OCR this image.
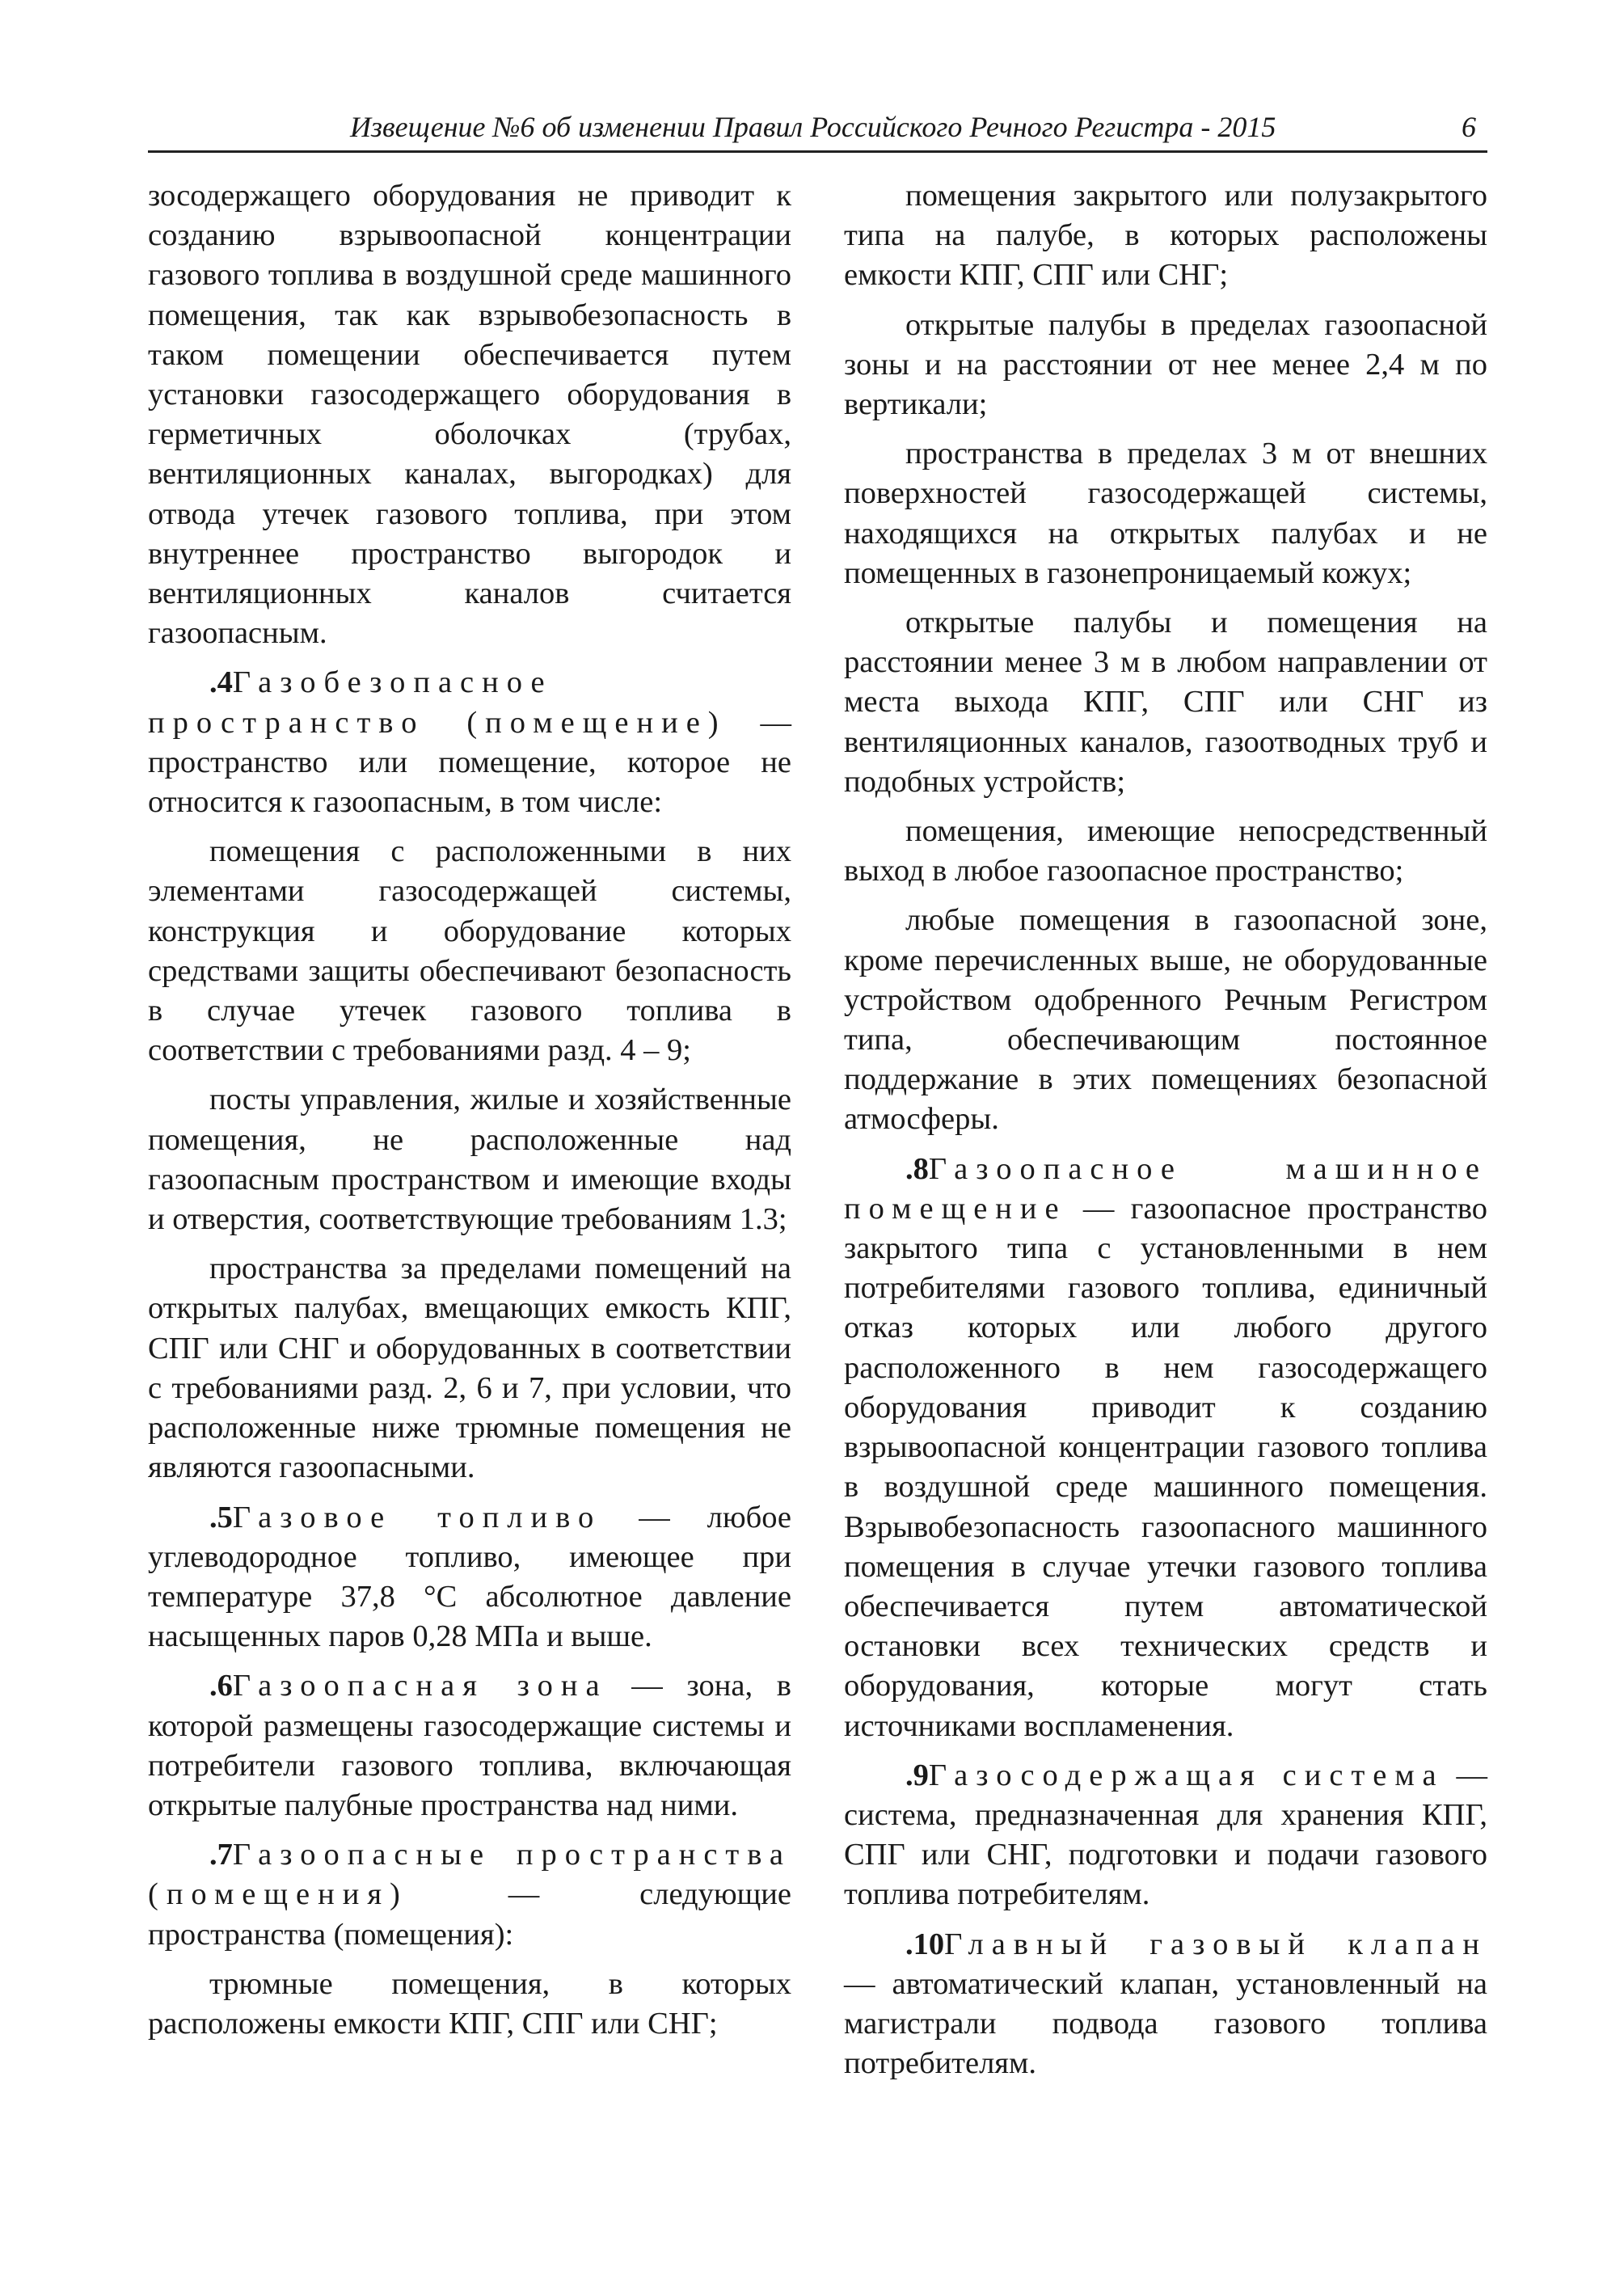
Извещение №6 об изменении Правил Российского Речного Регистра - 2015	6

зосодержащего оборудования не приводит к созданию взрывоопасной концентрации газового топлива в воздушной среде машинного помещения, так как взрывобезопасность в таком помещении обеспечивается путем установки газосодержащего оборудования в герметичных оболочках (трубах, вентиляционных каналах, выгородках) для отвода утечек газового топлива, при этом внутреннее пространство выгородок и вентиляционных каналов считается газоопасным.

.4Газобезопасное пространство (помещение) — пространство или помещение, которое не относится к газоопасным, в том числе:

помещения с расположенными в них элементами газосодержащей системы, конструкция и оборудование которых средствами защиты обеспечивают безопасность в случае утечек газового топлива в соответствии с требованиями разд. 4 – 9;

посты управления, жилые и хозяйственные помещения, не расположенные над газоопасным пространством и имеющие входы и отверстия, соответствующие требованиям 1.3;

пространства за пределами помещений на открытых палубах, вмещающих емкость КПГ, СПГ или СНГ и оборудованных в соответствии с требованиями разд. 2, 6 и 7, при условии, что расположенные ниже трюмные помещения не являются газоопасными.

.5Газовое топливо — любое углеводородное топливо, имеющее при температуре 37,8 °С абсолютное давление насыщенных паров 0,28 МПа и выше.

.6Газоопасная зона — зона, в которой размещены газосодержащие системы и потребители газового топлива, включающая открытые палубные пространства над ними.

.7Газоопасные пространства (помещения) — следующие пространства (помещения):

трюмные помещения, в которых расположены емкости КПГ, СПГ или СНГ;

помещения закрытого или полузакрытого типа на палубе, в которых расположены емкости КПГ, СПГ или СНГ;

открытые палубы в пределах газоопасной зоны и на расстоянии от нее менее 2,4 м по вертикали;

пространства в пределах 3 м от внешних поверхностей газосодержащей системы, находящихся на открытых палубах и не помещенных в газонепроницаемый кожух;

открытые палубы и помещения на расстоянии менее 3 м в любом направлении от места выхода КПГ, СПГ или СНГ из вентиляционных каналов, газоотводных труб и подобных устройств;

помещения, имеющие непосредственный выход в любое газоопасное пространство;

любые помещения в газоопасной зоне, кроме перечисленных выше, не оборудованные устройством одобренного Речным Регистром типа, обеспечивающим постоянное поддержание в этих помещениях безопасной атмосферы.

.8Газоопасное машинное помещение — газоопасное пространство закрытого типа с установленными в нем потребителями газового топлива, единичный отказ которых или любого другого расположенного в нем газосодержащего оборудования приводит к созданию взрывоопасной концентрации газового топлива в воздушной среде машинного помещения. Взрывобезопасность газоопасного машинного помещения в случае утечки газового топлива обеспечивается путем автоматической остановки всех технических средств и оборудования, которые могут стать источниками воспламенения.

.9Газосодержащая система — система, предназначенная для хранения КПГ, СПГ или СНГ, подготовки и подачи газового топлива потребителям.

.10Главный газовый клапан — автоматический клапан, установленный на магистрали подвода газового топлива потребителям.
